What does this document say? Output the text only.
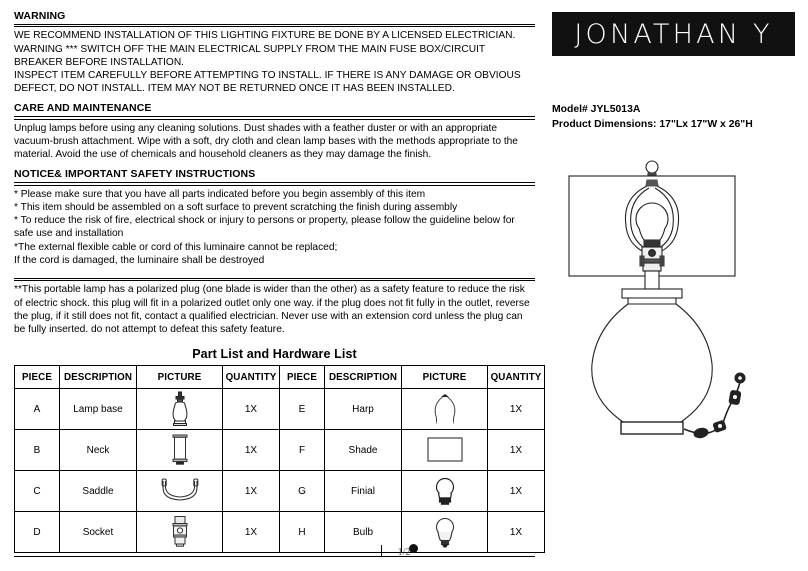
WARNING

WE RECOMMEND INSTALLATION OF THIS LIGHTING FIXTURE BE DONE BY A LICENSED ELECTRICIAN.

WARNING *** SWITCH OFF THE MAIN ELECTRICAL SUPPLY FROM THE MAIN FUSE BOX/CIRCUIT BREAKER BEFORE INSTALLATION.

INSPECT ITEM CAREFULLY BEFORE ATTEMPTING TO INSTALL. IF THERE IS ANY DAMAGE OR OBVIOUS DEFECT, DO NOT INSTALL. ITEM MAY NOT BE RETURNED ONCE IT HAS BEEN INSTALLED.

CARE AND MAINTENANCE
Unplug lamps before using any cleaning solutions. Dust shades with a feather duster or with an appropriate vacuum-brush attachment. Wipe with a soft, dry cloth and clean lamp bases with the methods appropriate to the material. Avoid the use of chemicals and household cleaners as they may damage the finish.
NOTICE& IMPORTANT SAFETY INSTRUCTIONS

* Please make sure that you have all parts indicated before you begin assembly of this item

* This item should be assembled on a soft surface to prevent scratching the finish during assembly

* To reduce the risk of fire, electrical shock or injury to persons or property, please follow the guideline below for safe use and installation

*The external flexible cable or cord of this luminaire cannot be replaced;

If the cord is damaged, the luminaire shall be destroyed

**This portable lamp has a polarized plug (one blade is wider than the other) as a safety feature to reduce the risk of electric shock. this plug will fit in a polarized outlet only one way. if the plug does not fit fully in the outlet, reverse the plug, if it still does not fit, contact a qualified electrician. Never use with an extension cord unless the plug can be fully inserted. do not attempt to defeat this safety feature.
Part List and Hardware List
PIECE	DESCRIPTION	PICTURE	QUANTITY	PIECE	DESCRIPTION	PICTURE	QUANTITY
A	Lamp base		1X	E	Harp		1X
B	Neck		1X	F	Shade		1X
C	Saddle		1X	G	Finial		1X
D	Socket		1X	H	Bulb		1X
JONATHAN Y
Model# JYL5013A
Product Dimensions: 17"Lx 17"W x 26"H
1/2
